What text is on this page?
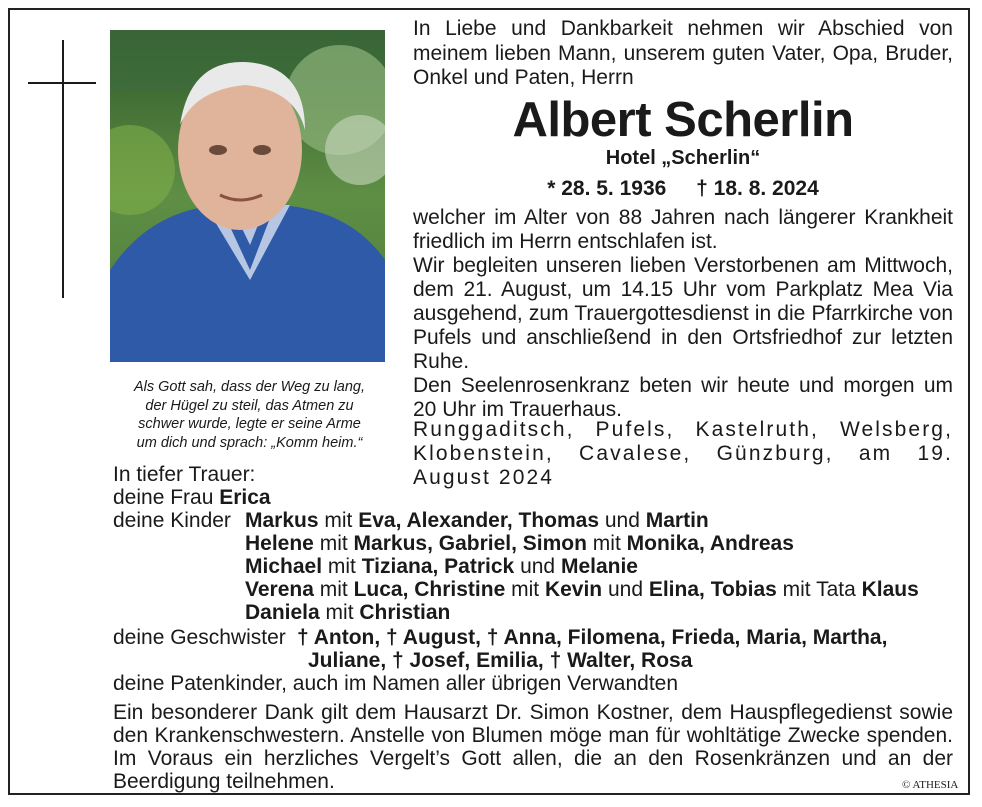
Als Gott sah, dass der Weg zu lang,
der Hügel zu steil, das Atmen zu
schwer wurde, legte er seine Arme
um dich und sprach: „Komm heim.“
In Liebe und Dankbarkeit nehmen wir Abschied von meinem lieben Mann, unserem guten Vater, Opa, Bruder, Onkel und Paten, Herrn
Albert Scherlin
Hotel „Scherlin“
* 28. 5. 1936 † 18. 8. 2024
welcher im Alter von 88 Jahren nach längerer Krankheit friedlich im Herrn entschlafen ist.
Wir begleiten unseren lieben Verstorbenen am Mittwoch, dem 21. August, um 14.15 Uhr vom Parkplatz Mea Via ausgehend, zum Trauergottesdienst in die Pfarrkirche von Pufels und anschließend in den Ortsfriedhof zur letzten Ruhe.
Den Seelenrosenkranz beten wir heute und morgen um 20 Uhr im Trauerhaus.
Runggaditsch, Pufels, Kastelruth, Welsberg, Klobenstein, Cavalese, Günzburg, am 19. August 2024
In tiefer Trauer:
deine Frau Erica
deine Kinder Markus mit Eva, Alexander, Thomas und Martin
Helene mit Markus, Gabriel, Simon mit Monika, Andreas
Michael mit Tiziana, Patrick und Melanie
Verena mit Luca, Christine mit Kevin und Elina, Tobias mit Tata Klaus
Daniela mit Christian
deine Geschwister † Anton, † August, † Anna, Filomena, Frieda, Maria, Martha,
Juliane, † Josef, Emilia, † Walter, Rosa
deine Patenkinder, auch im Namen aller übrigen Verwandten
Ein besonderer Dank gilt dem Hausarzt Dr. Simon Kostner, dem Hauspflegedienst sowie den Krankenschwestern. Anstelle von Blumen möge man für wohltätige Zwecke spenden. Im Voraus ein herzliches Vergelt’s Gott allen, die an den Rosenkränzen und an der Beerdigung teilnehmen.	© ATHESIA
